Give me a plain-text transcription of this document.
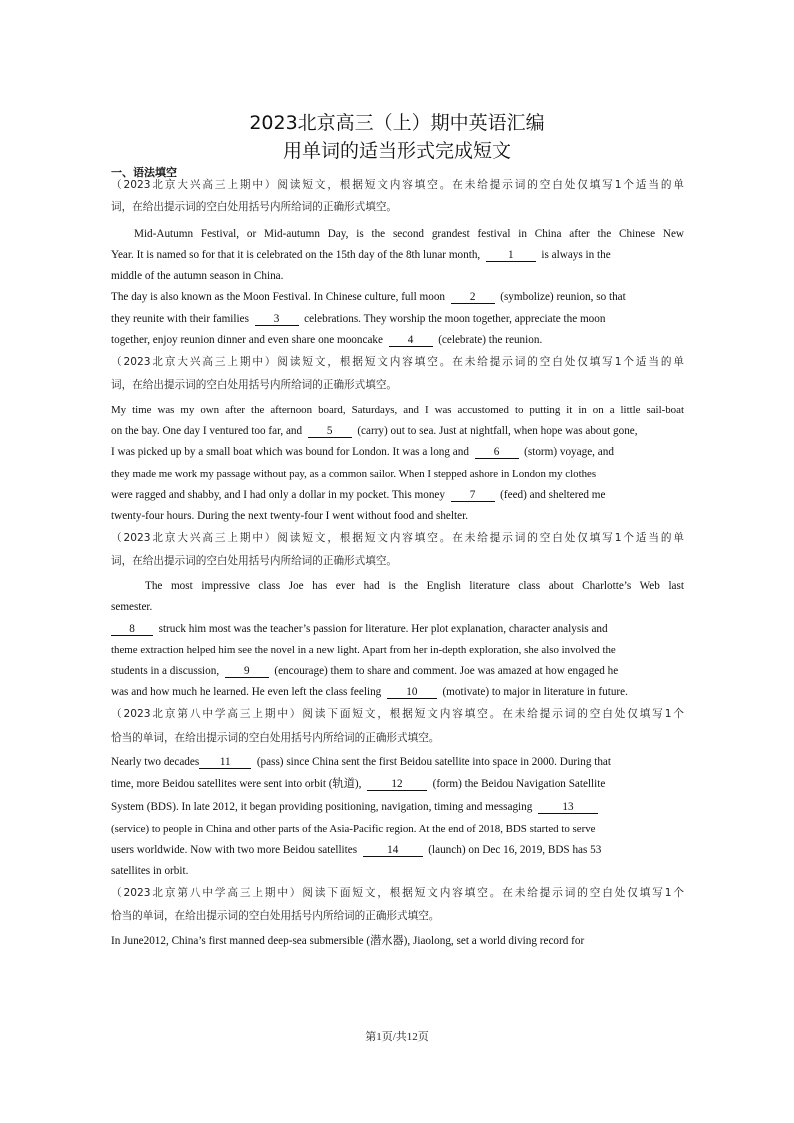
2023北京高三（上）期中英语汇编
用单词的适当形式完成短文
一、语法填空
（2023北京大兴高三上期中）阅读短文，根据短文内容填空。在未给提示词的空白处仅填写1个适当的单
词，在给出提示词的空白处用括号内所给词的正确形式填空。
Mid-Autumn Festival, or Mid-autumn Day, is the second grandest festival in China after the Chinese New
Year. It is named so for that it is celebrated on the 15th day of the 8th lunar month, 1 is always in the
middle of the autumn season in China.
The day is also known as the Moon Festival. In Chinese culture, full moon 2 (symbolize) reunion, so that
they reunite with their families 3 celebrations. They worship the moon together, appreciate the moon
together, enjoy reunion dinner and even share one mooncake 4 (celebrate) the reunion.
（2023北京大兴高三上期中）阅读短文，根据短文内容填空。在未给提示词的空白处仅填写1个适当的单
词，在给出提示词的空白处用括号内所给词的正确形式填空。
My time was my own after the afternoon board, Saturdays, and I was accustomed to putting it in on a little sail-boat
on the bay. One day I ventured too far, and 5 (carry) out to sea. Just at nightfall, when hope was about gone,
I was picked up by a small boat which was bound for London. It was a long and 6 (storm) voyage, and
they made me work my passage without pay, as a common sailor. When I stepped ashore in London my clothes
were ragged and shabby, and I had only a dollar in my pocket. This money 7 (feed) and sheltered me
twenty-four hours. During the next twenty-four I went without food and shelter.
（2023北京大兴高三上期中）阅读短文，根据短文内容填空。在未给提示词的空白处仅填写1个适当的单
词，在给出提示词的空白处用括号内所给词的正确形式填空。
The most impressive class Joe has ever had is the English literature class about Charlotte’s Web last
semester.
8 struck him most was the teacher’s passion for literature. Her plot explanation, character analysis and
theme extraction helped him see the novel in a new light. Apart from her in-depth exploration, she also involved the
students in a discussion, 9 (encourage) them to share and comment. Joe was amazed at how engaged he
was and how much he learned. He even left the class feeling 10 (motivate) to major in literature in future.
（2023北京第八中学高三上期中）阅读下面短文，根据短文内容填空。在未给提示词的空白处仅填写1个
恰当的单词，在给出提示词的空白处用括号内所给词的正确形式填空。
Nearly two decades 11 (pass) since China sent the first Beidou satellite into space in 2000. During that
time, more Beidou satellites were sent into orbit (轨道),	12	(form) the Beidou Navigation Satellite
System (BDS). In late 2012, it began providing positioning, navigation, timing and messaging	13
(service) to people in China and other parts of the Asia-Pacific region. At the end of 2018, BDS started to serve
users worldwide. Now with two more Beidou satellites	14	(launch) on Dec 16, 2019, BDS has 53
satellites in orbit.
（2023北京第八中学高三上期中）阅读下面短文，根据短文内容填空。在未给提示词的空白处仅填写1个
恰当的单词，在给出提示词的空白处用括号内所给词的正确形式填空。
In June2012, China’s first manned deep-sea submersible (潜水器), Jiaolong, set a world diving record for
第1页/共12页
